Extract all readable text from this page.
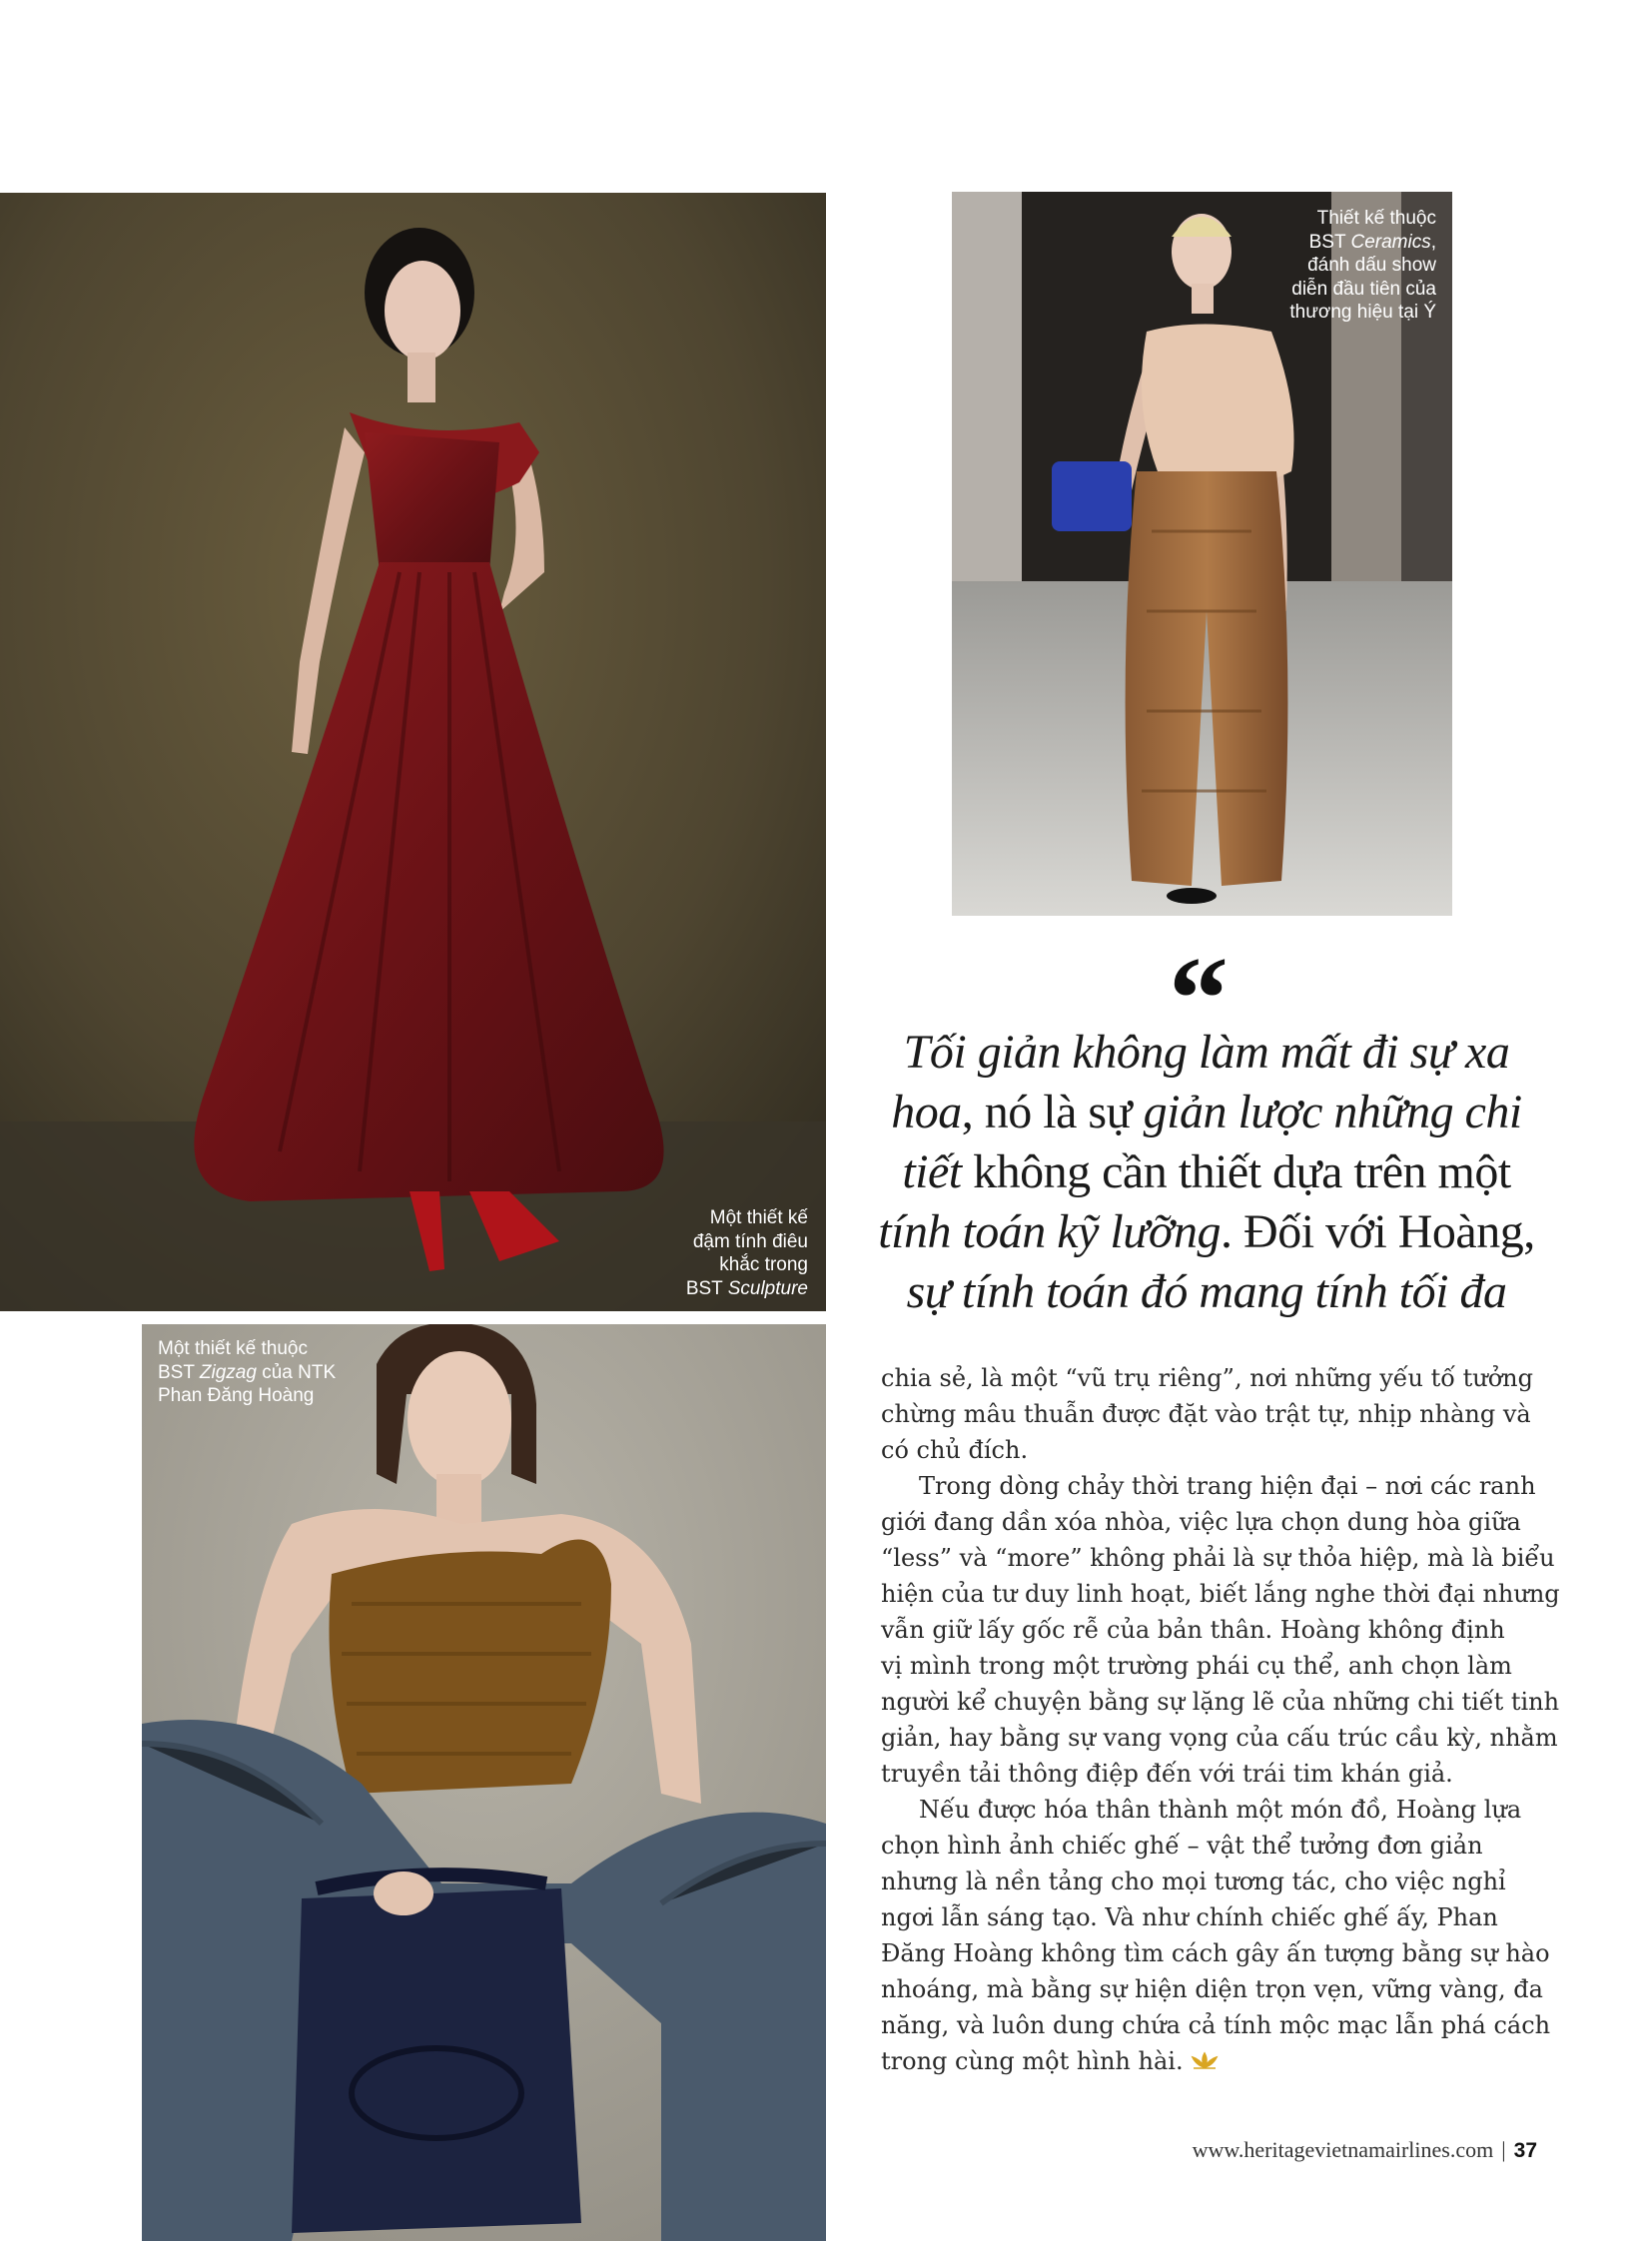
Một thiết kế
đậm tính điêu
khắc trong
BST Sculpture
Thiết kế thuộc
BST Ceramics,
đánh dấu show
diễn đầu tiên của
thương hiệu tại Ý
Một thiết kế thuộc
BST Zigzag của NTK
Phan Đăng Hoàng
“
Tối giản không làm mất đi sự xa
hoa, nó là sự giản lược những chi
tiết không cần thiết dựa trên một
tính toán kỹ lưỡng. Đối với Hoàng,
sự tính toán đó mang tính tối đa
chia sẻ, là một “vũ trụ riêng”, nơi những yếu tố tưởng
chừng mâu thuẫn được đặt vào trật tự, nhịp nhàng và
có chủ đích.
Trong dòng chảy thời trang hiện đại – nơi các ranh
giới đang dần xóa nhòa, việc lựa chọn dung hòa giữa
“less” và “more” không phải là sự thỏa hiệp, mà là biểu
hiện của tư duy linh hoạt, biết lắng nghe thời đại nhưng
vẫn giữ lấy gốc rễ của bản thân. Hoàng không định
vị mình trong một trường phái cụ thể, anh chọn làm
người kể chuyện bằng sự lặng lẽ của những chi tiết tinh
giản, hay bằng sự vang vọng của cấu trúc cầu kỳ, nhằm
truyền tải thông điệp đến với trái tim khán giả.
Nếu được hóa thân thành một món đồ, Hoàng lựa
chọn hình ảnh chiếc ghế – vật thể tưởng đơn giản
nhưng là nền tảng cho mọi tương tác, cho việc nghỉ
ngơi lẫn sáng tạo. Và như chính chiếc ghế ấy, Phan
Đăng Hoàng không tìm cách gây ấn tượng bằng sự hào
nhoáng, mà bằng sự hiện diện trọn vẹn, vững vàng, đa
năng, và luôn dung chứa cả tính mộc mạc lẫn phá cách
trong cùng một hình hài.
www.heritagevietnamairlines.com | 37
